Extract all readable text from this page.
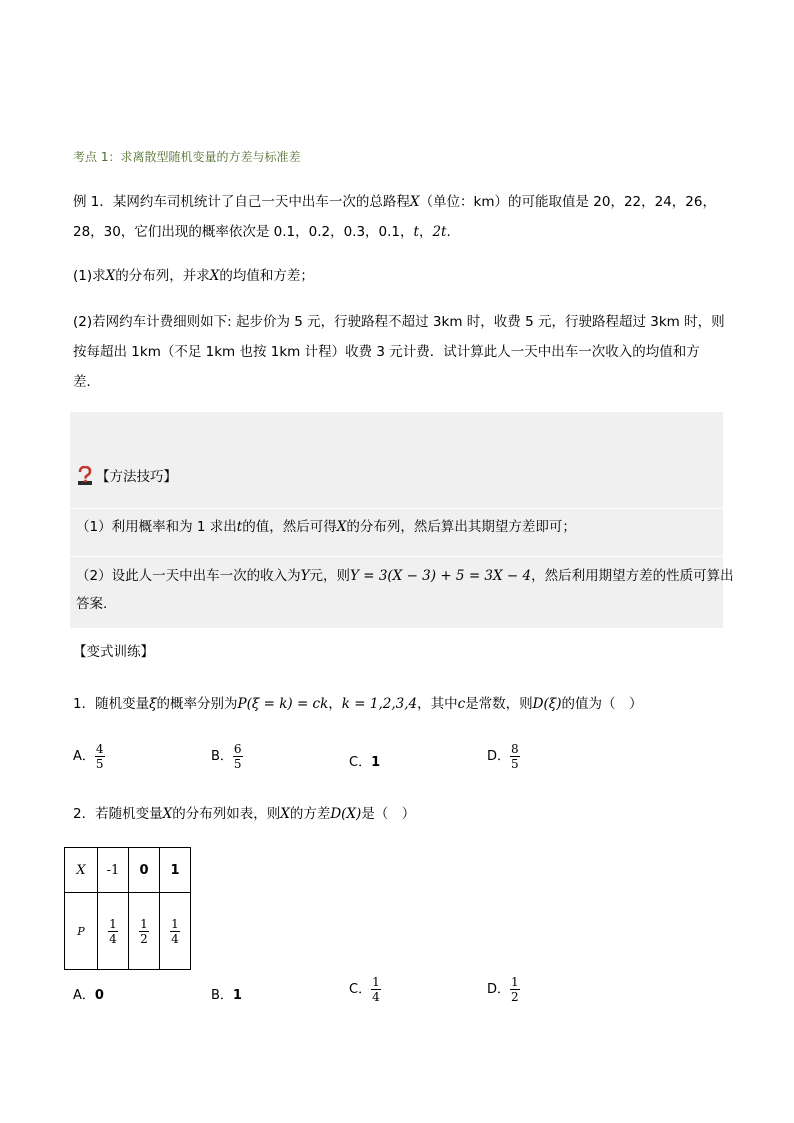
考点 1：求离散型随机变量的方差与标准差
例 1．某网约车司机统计了自己一天中出车一次的总路程X（单位：km）的可能取值是 20，22，24，26，
28，30，它们出现的概率依次是 0.1，0.2，0.3，0.1，t，2t.
(1)求X的分布列，并求X的均值和方差；
(2)若网约车计费细则如下: 起步价为 5 元，行驶路程不超过 3km 时，收费 5 元，行驶路程超过 3km 时，则
按每超出 1km（不足 1km 也按 1km 计程）收费 3 元计费．试计算此人一天中出车一次收入的均值和方
差．
【方法技巧】
（1）利用概率和为 1 求出t的值，然后可得X的分布列，然后算出其期望方差即可；
（2）设此人一天中出车一次的收入为Y元，则Y = 3(X − 3) + 5 = 3X − 4，然后利用期望方差的性质可算出
答案.
【变式训练】
1．随机变量ξ的概率分别为P(ξ = k) = ck，k = 1,2,3,4，其中c是常数，则D(ξ)的值为（　）
A． $\frac{4}{5}$	B． $\frac{6}{5}$	C．1	D． $\frac{8}{5}$
2．若随机变量X的分布列如表，则X的方差D(X)是（　）
X	-1	0	1
P	$\frac{1}{4}$	$\frac{1}{2}$	$\frac{1}{4}$
A．0	B．1	C． $\frac{1}{4}$	D． $\frac{1}{2}$
